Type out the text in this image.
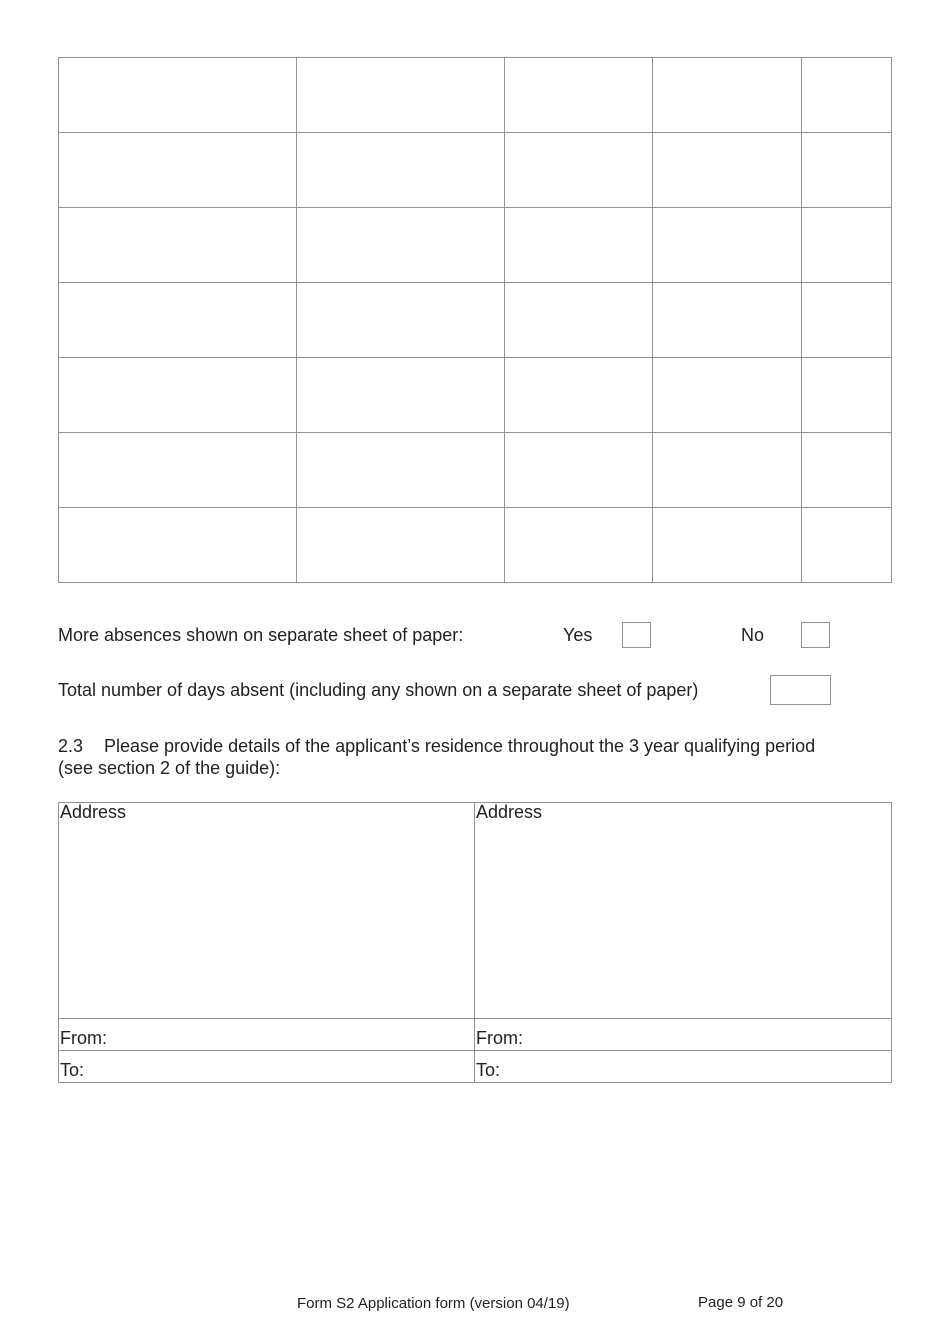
More absences shown on separate sheet of paper:	Yes	No
Total number of days absent (including any shown on a separate sheet of paper)
2.3 Please provide details of the applicant’s residence throughout the 3 year qualifying period
(see section 2 of the guide):
Address	Address
From:	From:
To:	To:
Form S2 Application form (version 04/19)	Page 9 of 20
